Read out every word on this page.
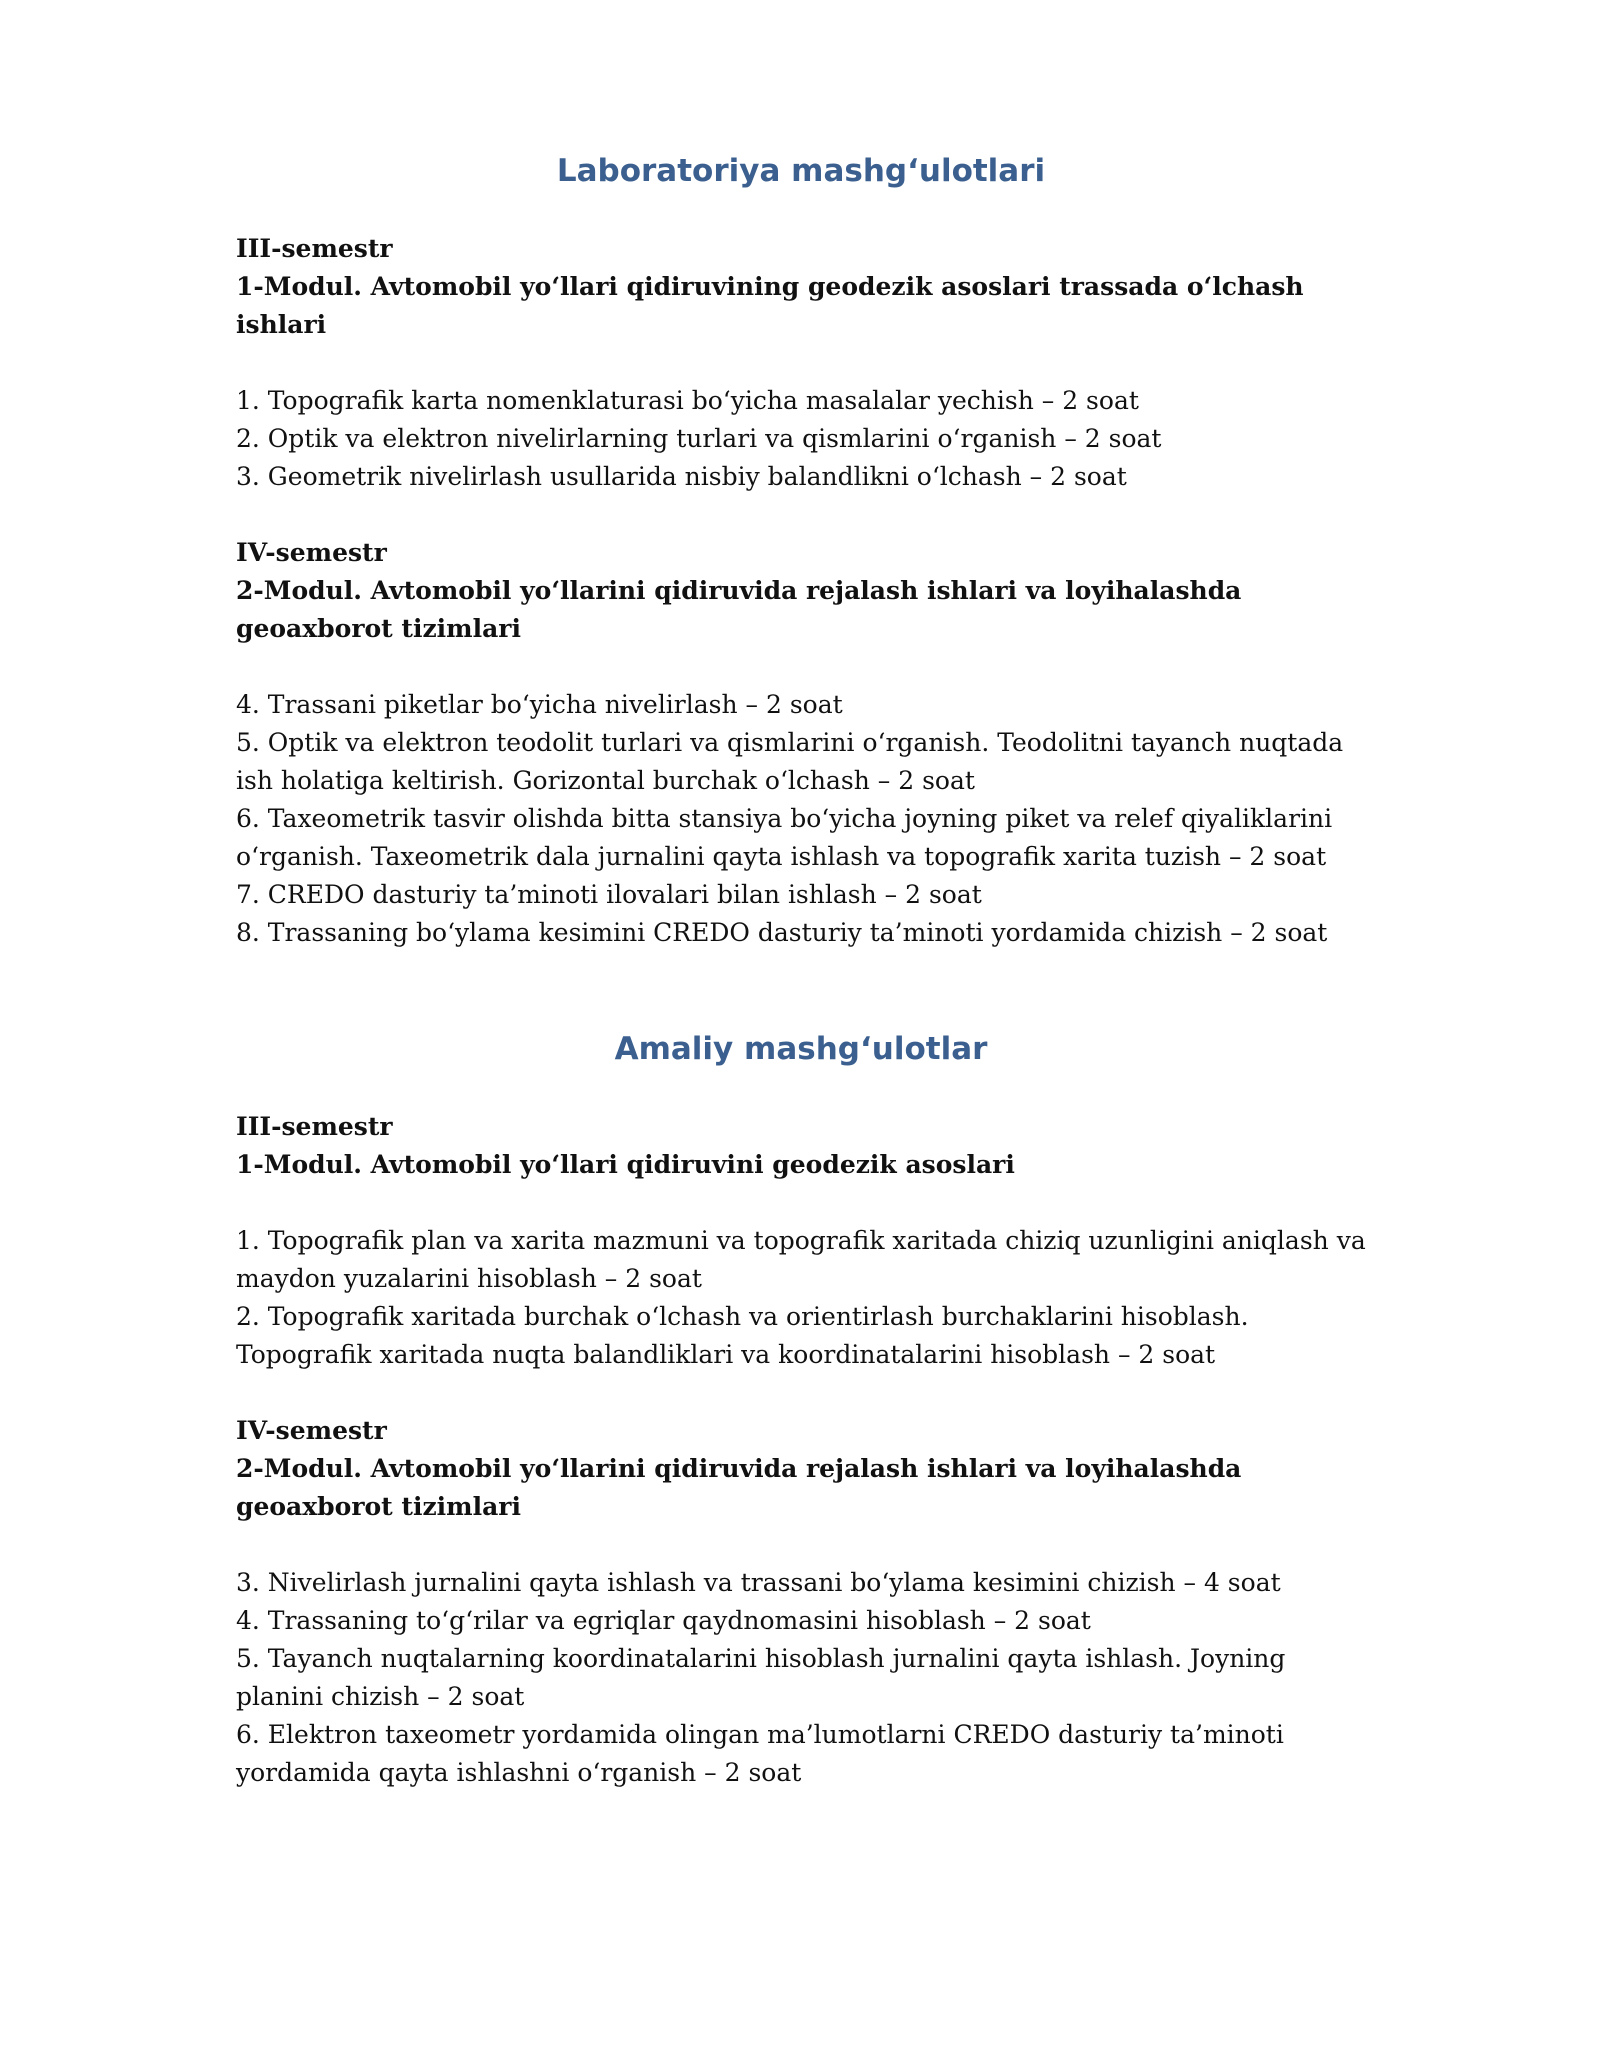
Laboratoriya mashg‘ulotlari

III-semestr

1-Modul. Avtomobil yo‘llari qidiruvining geodezik asoslari trassada o‘lchash ishlari

1. Topografik karta nomenklaturasi bo‘yicha masalalar yechish – 2 soat

2. Optik va elektron nivelirlarning turlari va qismlarini o‘rganish – 2 soat

3. Geometrik nivelirlash usullarida nisbiy balandlikni o‘lchash – 2 soat

IV-semestr

2-Modul. Avtomobil yo‘llarini qidiruvida rejalash ishlari va loyihalashda geoaxborot tizimlari

4. Trassani piketlar bo‘yicha nivelirlash – 2 soat

5. Optik va elektron teodolit turlari va qismlarini o‘rganish. Teodolitni tayanch nuqtada ish holatiga keltirish. Gorizontal burchak o‘lchash – 2 soat

6. Taxeometrik tasvir olishda bitta stansiya bo‘yicha joyning piket va relef qiyaliklarini o‘rganish. Taxeometrik dala jurnalini qayta ishlash va topografik xarita tuzish – 2 soat

7. CREDO dasturiy ta’minoti ilovalari bilan ishlash – 2 soat

8. Trassaning bo‘ylama kesimini CREDO dasturiy ta’minoti yordamida chizish – 2 soat

Amaliy mashg‘ulotlar

III-semestr

1-Modul. Avtomobil yo‘llari qidiruvini geodezik asoslari

1. Topografik plan va xarita mazmuni va topografik xaritada chiziq uzunligini aniqlash va maydon yuzalarini hisoblash – 2 soat

2. Topografik xaritada burchak o‘lchash va orientirlash burchaklarini hisoblash. Topografik xaritada nuqta balandliklari va koordinatalarini hisoblash – 2 soat

IV-semestr

2-Modul. Avtomobil yo‘llarini qidiruvida rejalash ishlari va loyihalashda geoaxborot tizimlari

3. Nivelirlash jurnalini qayta ishlash va trassani bo‘ylama kesimini chizish – 4 soat

4. Trassaning to‘g‘rilar va egriqlar qaydnomasini hisoblash – 2 soat

5. Tayanch nuqtalarning koordinatalarini hisoblash jurnalini qayta ishlash. Joyning planini chizish – 2 soat

6. Elektron taxeometr yordamida olingan ma’lumotlarni CREDO dasturiy ta’minoti yordamida qayta ishlashni o‘rganish – 2 soat
